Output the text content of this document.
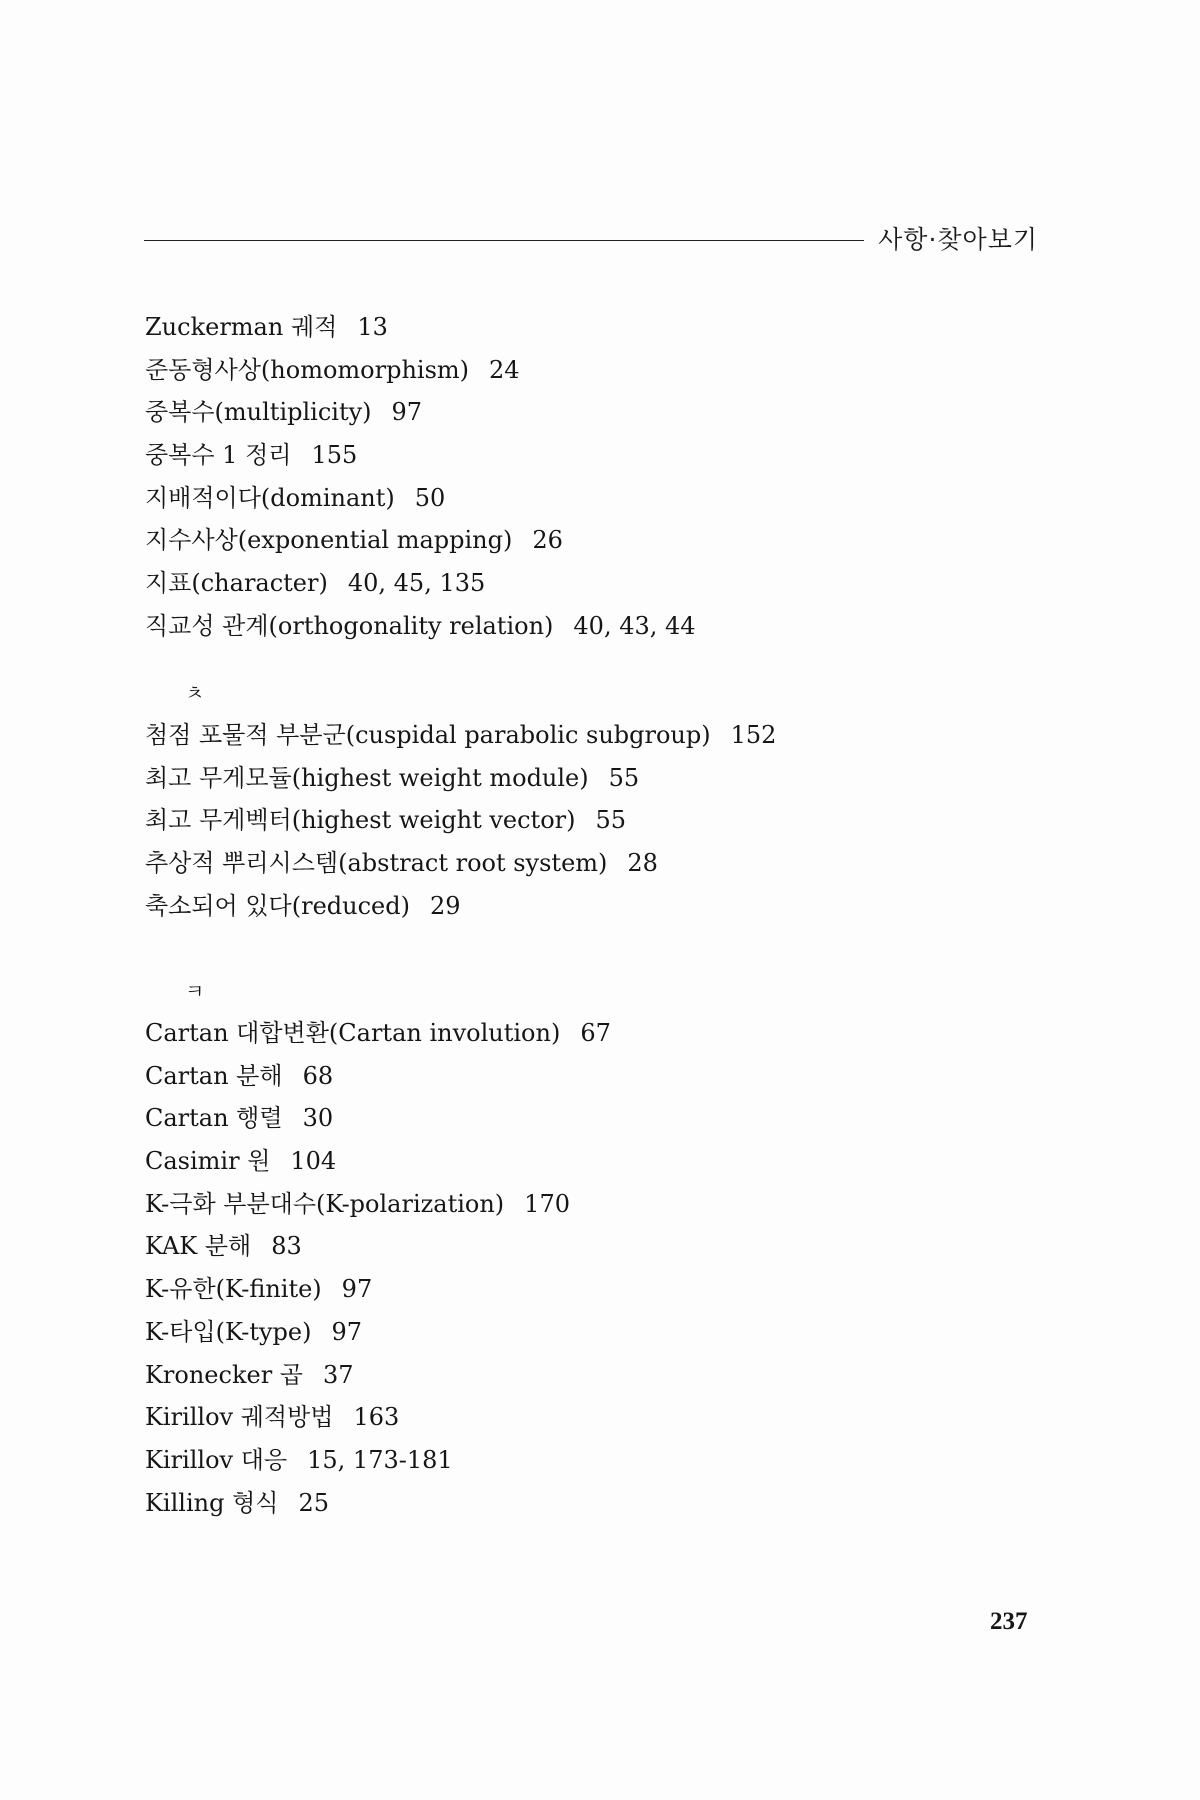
사항·찾아보기
Zuckerman 궤적 13
준동형사상(homomorphism) 24
중복수(multiplicity) 97
중복수 1 정리 155
지배적이다(dominant) 50
지수사상(exponential mapping) 26
지표(character) 40, 45, 135
직교성 관계(orthogonality relation) 40, 43, 44
ㅊ
첨점 포물적 부분군(cuspidal parabolic subgroup) 152
최고 무게모듈(highest weight module) 55
최고 무게벡터(highest weight vector) 55
추상적 뿌리시스템(abstract root system) 28
축소되어 있다(reduced) 29
ㅋ
Cartan 대합변환(Cartan involution) 67
Cartan 분해 68
Cartan 행렬 30
Casimir 원 104
K-극화 부분대수(K-polarization) 170
KAK 분해 83
K-유한(K-finite) 97
K-타입(K-type) 97
Kronecker 곱 37
Kirillov 궤적방법 163
Kirillov 대응 15, 173-181
Killing 형식 25
237
